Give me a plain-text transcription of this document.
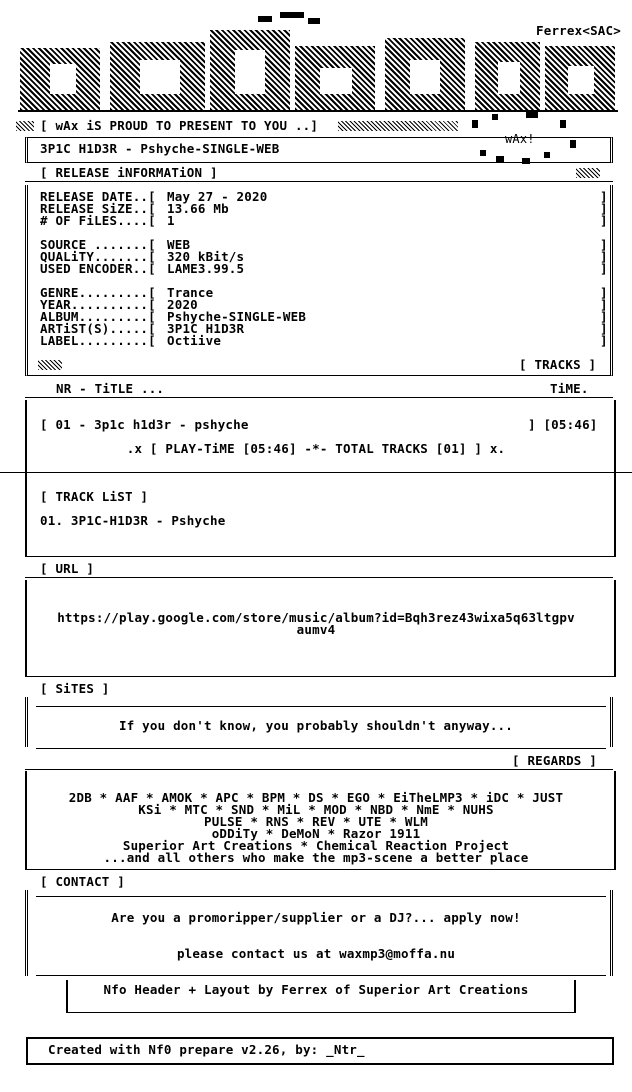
Ferrex<SAC>
[ wAx iS PROUD TO PRESENT TO YOU ..]
wAx!
3P1C H1D3R - Pshyche-SINGLE-WEB
[ RELEASE iNFORMATiON ]
RELEASE DATE..[ May 27 - 2020	]
RELEASE SiZE..[ 13.66 Mb	]
# OF FiLES....[ 1	]
SOURCE .......[ WEB	]
QUALiTY.......[ 320 kBit/s	]
USED ENCODER..[ LAME3.99.5	]
GENRE.........[ Trance	]
YEAR..........[ 2020	]
ALBUM.........[ Pshyche-SINGLE-WEB	]
ARTiST(S).....[ 3P1C H1D3R	]
LABEL.........[ Octiive	]
[ TRACKS ]
NR - TiTLE ...	TiME.
[ 01 - 3p1c h1d3r - pshyche	] [05:46]
.x [ PLAY-TiME [05:46] -*- TOTAL TRACKS [01] ] x.
[ TRACK LiST ]
01. 3P1C-H1D3R - Pshyche
[ URL ]
https://play.google.com/store/music/album?id=Bqh3rez43wixa5q63ltgpv
aumv4
[ SiTES ]
If you don't know, you probably shouldn't anyway...
[ REGARDS ]
2DB * AAF * AMOK * APC * BPM * DS * EGO * EiTheLMP3 * iDC * JUST
KSi * MTC * SND * MiL * MOD * NBD * NmE * NUHS
PULSE * RNS * REV * UTE * WLM
oDDiTy * DeMoN * Razor 1911
Superior Art Creations * Chemical Reaction Project
...and all others who make the mp3-scene a better place
[ CONTACT ]
Are you a promoripper/supplier or a DJ?... apply now!
please contact us at waxmp3@moffa.nu
Nfo Header + Layout by Ferrex of Superior Art Creations
Created with Nf0 prepare v2.26, by: _Ntr_
